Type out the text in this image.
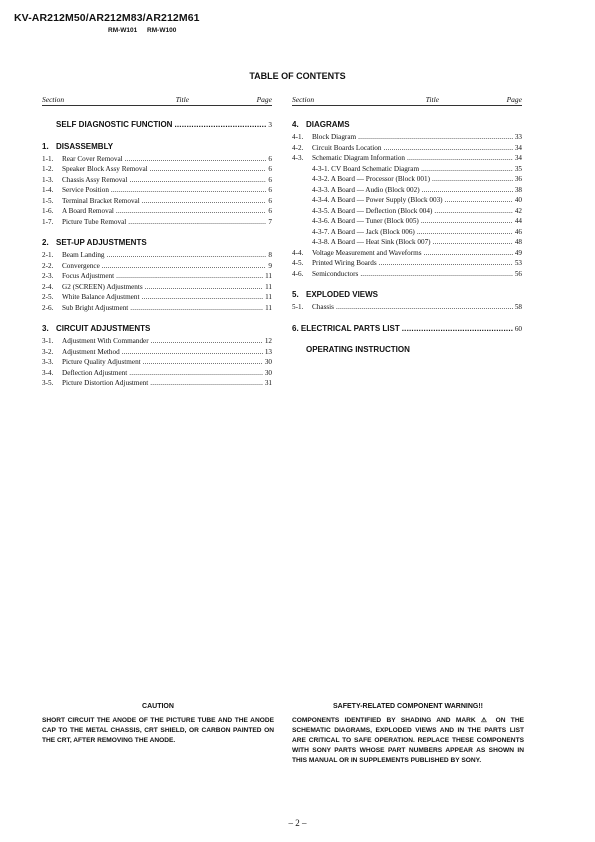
KV-AR212M50/AR212M83/AR212M61
RM-W101 RM-W100
TABLE OF CONTENTS
Section	Title	Page
SELF DIAGNOSTIC FUNCTION .....	3
1. DISASSEMBLY
1-1. Rear Cover Removal .....	6
1-2. Speaker Block Assy Removal .....	6
1-3. Chassis Assy Removal .....	6
1-4. Service Position .....	6
1-5. Terminal Bracket Removal .....	6
1-6. A Board Removal .....	6
1-7. Picture Tube Removal .....	7
2. SET-UP ADJUSTMENTS
2-1. Beam Landing .....	8
2-2. Convergence .....	9
2-3. Focus Adjustment .....	11
2-4. G2 (SCREEN) Adjustments .....	11
2-5. White Balance Adjustment .....	11
2-6. Sub Bright Adjustment .....	11
3. CIRCUIT ADJUSTMENTS
3-1. Adjustment With Commander .....	12
3-2. Adjustment Method .....	13
3-3. Picture Quality Adjustment .....	30
3-4. Deflection Adjustment .....	30
3-5. Picture Distortion Adjustment .....	31
Section	Title	Page
4. DIAGRAMS
4-1. Block Diagram .....	33
4-2. Circuit Boards Location .....	34
4-3. Schematic Diagram Information .....	34
4-3-1. CV Board Schematic Diagram .....	35
4-3-2. A Board — Processor (Block 001) .....	36
4-3-3. A Board — Audio (Block 002) .....	38
4-3-4. A Board — Power Supply (Block 003) .....	40
4-3-5. A Board — Deflection (Block 004) .....	42
4-3-6. A Board — Tuner (Block 005) .....	44
4-3-7. A Board — Jack (Block 006) .....	46
4-3-8. A Board — Heat Sink (Block 007) .....	48
4-4. Voltage Measurement and Waveforms .....	49
4-5. Printed Wiring Boards .....	53
4-6. Semiconductors .....	56
5. EXPLODED VIEWS
5-1. Chassis .....	58
6. ELECTRICAL PARTS LIST .....	60
OPERATING INSTRUCTION
CAUTION
SHORT CIRCUIT THE ANODE OF THE PICTURE TUBE AND THE ANODE CAP TO THE METAL CHASSIS, CRT SHIELD, OR CARBON PAINTED ON THE CRT, AFTER REMOVING THE ANODE.
SAFETY-RELATED COMPONENT WARNING!!
COMPONENTS IDENTIFIED BY SHADING AND MARK ⚠ ON THE SCHEMATIC DIAGRAMS, EXPLODED VIEWS AND IN THE PARTS LIST ARE CRITICAL TO SAFE OPERATION. REPLACE THESE COMPONENTS WITH SONY PARTS WHOSE PART NUMBERS APPEAR AS SHOWN IN THIS MANUAL OR IN SUPPLEMENTS PUBLISHED BY SONY.
– 2 –
